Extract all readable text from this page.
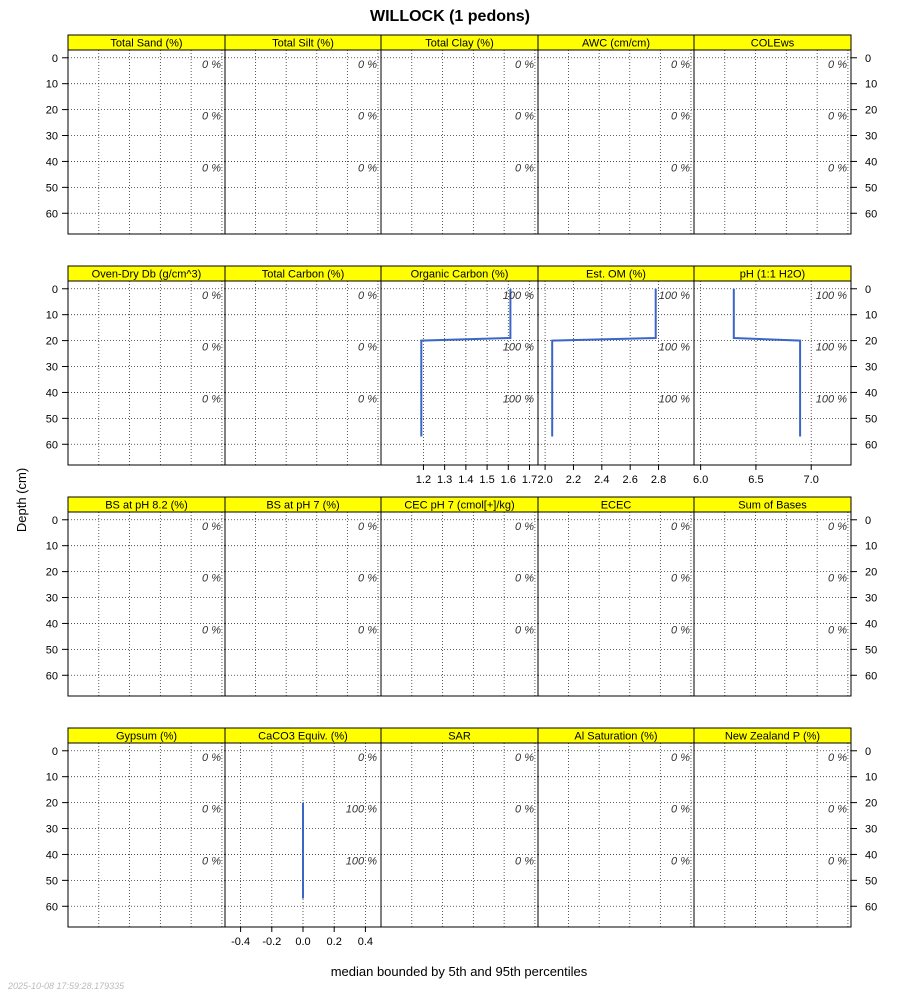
WILLOCK (1 pedons)
Depth (cm)
median bounded by 5th and 95th percentiles
2025-10-08 17:59:28.179335
0	0
10	10
20	20
30	30
40	40
50	50
60	60
0	0
10	10
20	20
30	30
40	40
50	50
60	60
0	0
10	10
20	20
30	30
40	40
50	50
60	60
0	0
10	10
20	20
30	30
40	40
50	50
60	60
0 %
0 %
0 %
Total Sand (%)
0 %
0 %
0 %
Total Silt (%)
0 %
0 %
0 %
Total Clay (%)
0 %
0 %
0 %
AWC (cm/cm)
0 %
0 %
0 %
COLEws
0 %
0 %
0 %
Oven-Dry Db (g/cm^3)
0 %
0 %
0 %
Total Carbon (%)
100 %
100 %
100 %
Organic Carbon (%)
1.2 1.3 1.4 1.5 1.6 1.7
100 %
100 %
100 %
Est. OM (%)
2.0 2.2 2.4 2.6 2.8
100 %
100 %
100 %
pH (1:1 H2O)
6.0	6.5	7.0
0 %
0 %
0 %
BS at pH 8.2 (%)
0 %
0 %
0 %
BS at pH 7 (%)
0 %
0 %
0 %
CEC pH 7 (cmol[+]/kg)
0 %
0 %
0 %
ECEC
0 %
0 %
0 %
Sum of Bases
0 %
0 %
0 %
Gypsum (%)
0 %
100 %
100 %
CaCO3 Equiv. (%)
-0.4 -0.2 0.0 0.2 0.4
0 %
0 %
0 %
SAR
0 %
0 %
0 %
Al Saturation (%)
0 %
0 %
0 %
New Zealand P (%)
